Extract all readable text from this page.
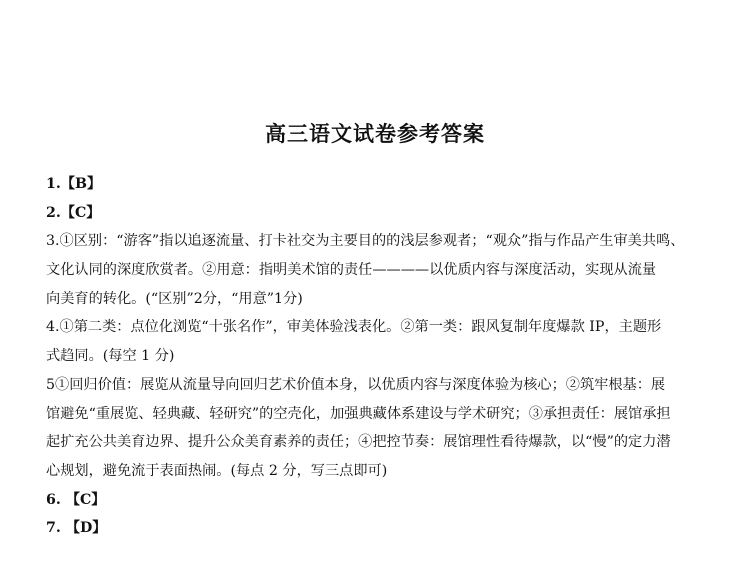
高三语文试卷参考答案
1.【B】
2.【C】
3.①区别：“游客”指以追逐流量、打卡社交为主要目的的浅层参观者；“观众”指与作品产生审美共鸣、
文化认同的深度欣赏者。②用意：指明美术馆的责任————以优质内容与深度活动，实现从流量
向美育的转化。(“区别”2分，“用意”1分)
4.①第二类：点位化浏览“十张名作”，审美体验浅表化。②第一类：跟风复制年度爆款 IP，主题形
式趋同。(每空 1 分)
5①回归价值：展览从流量导向回归艺术价值本身，以优质内容与深度体验为核心；②筑牢根基：展
馆避免“重展览、轻典藏、轻研究”的空壳化，加强典藏体系建设与学术研究；③承担责任：展馆承担
起扩充公共美育边界、提升公众美育素养的责任；④把控节奏：展馆理性看待爆款，以“慢”的定力潜
心规划，避免流于表面热闹。(每点 2 分，写三点即可)
6. 【C】
7. 【D】
